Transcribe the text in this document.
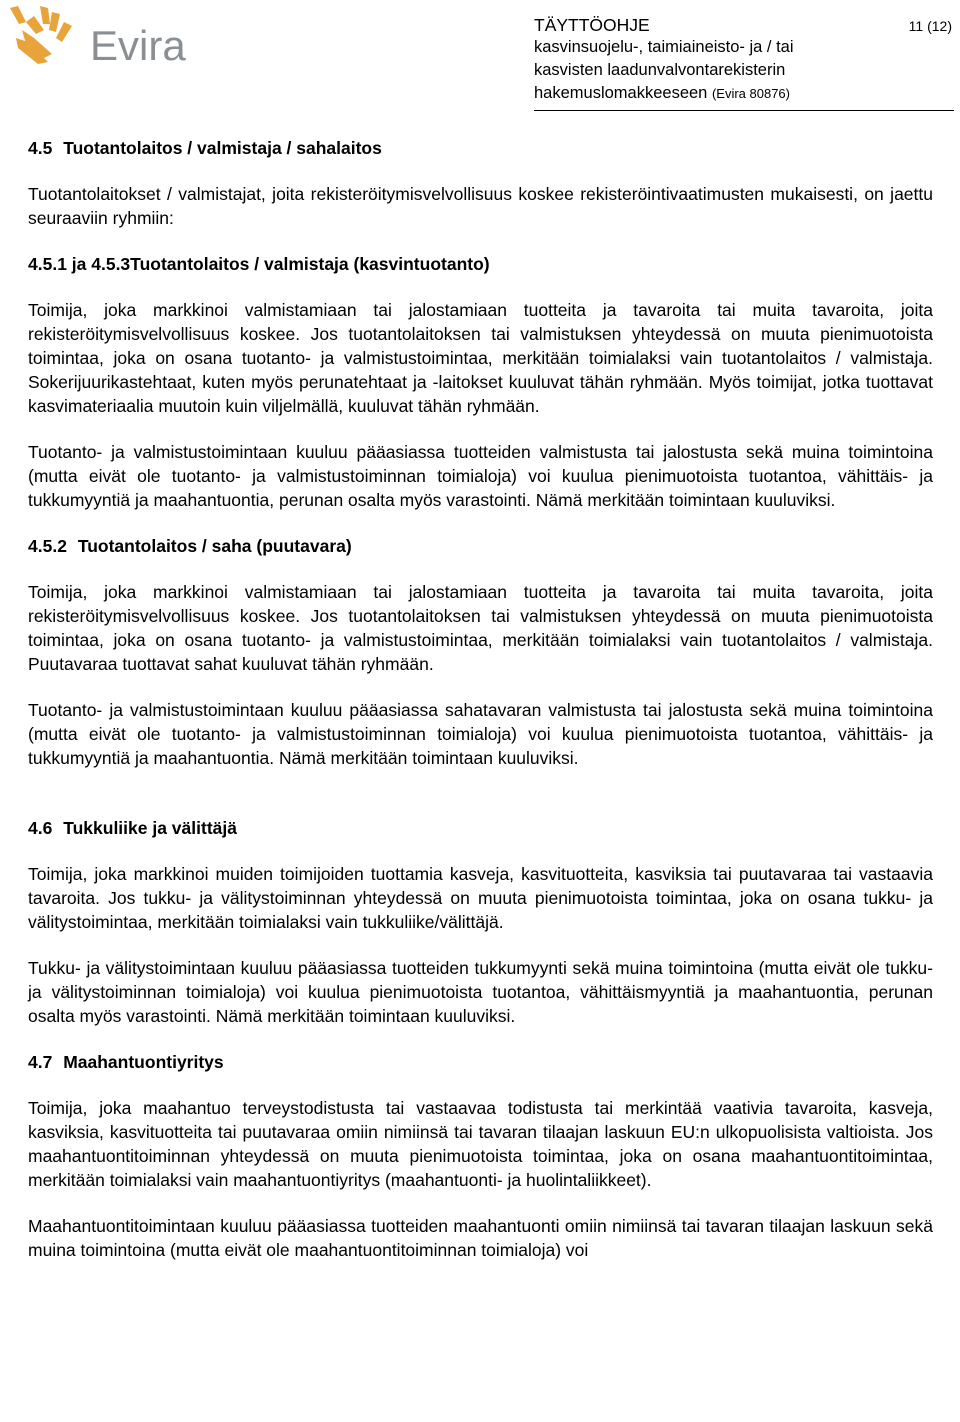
Evira	TÄYTTÖOHJE
kasvinsuojelu-, taimiaineisto- ja / tai
kasvisten laadunvalvontarekisterin
hakemuslomakkeeseen (Evira 80876)
11 (12)

4.5 Tuotantolaitos / valmistaja / sahalaitos

Tuotantolaitokset / valmistajat, joita rekisteröitymisvelvollisuus koskee rekisteröintivaatimusten mukaisesti, on jaettu seuraaviin ryhmiin:

4.5.1 ja 4.5.3Tuotantolaitos / valmistaja (kasvintuotanto)

Toimija, joka markkinoi valmistamiaan tai jalostamiaan tuotteita ja tavaroita tai muita tavaroita, joita rekisteröitymisvelvollisuus koskee. Jos tuotantolaitoksen tai valmistuksen yhteydessä on muuta pienimuotoista toimintaa, joka on osana tuotanto- ja valmistustoimintaa, merkitään toimialaksi vain tuotantolaitos / valmistaja. Sokerijuurikastehtaat, kuten myös perunatehtaat ja -laitokset kuuluvat tähän ryhmään. Myös toimijat, jotka tuottavat kasvimateriaalia muutoin kuin viljelmällä, kuuluvat tähän ryhmään.

Tuotanto- ja valmistustoimintaan kuuluu pääasiassa tuotteiden valmistusta tai jalostusta sekä muina toimintoina (mutta eivät ole tuotanto- ja valmistustoiminnan toimialoja) voi kuulua pienimuotoista tuotantoa, vähittäis- ja tukkumyyntiä ja maahantuontia, perunan osalta myös varastointi. Nämä merkitään toimintaan kuuluviksi.

4.5.2 Tuotantolaitos / saha (puutavara)

Toimija, joka markkinoi valmistamiaan tai jalostamiaan tuotteita ja tavaroita tai muita tavaroita, joita rekisteröitymisvelvollisuus koskee. Jos tuotantolaitoksen tai valmistuksen yhteydessä on muuta pienimuotoista toimintaa, joka on osana tuotanto- ja valmistustoimintaa, merkitään toimialaksi vain tuotantolaitos / valmistaja. Puutavaraa tuottavat sahat kuuluvat tähän ryhmään.

Tuotanto- ja valmistustoimintaan kuuluu pääasiassa sahatavaran valmistusta tai jalostusta sekä muina toimintoina (mutta eivät ole tuotanto- ja valmistustoiminnan toimialoja) voi kuulua pienimuotoista tuotantoa, vähittäis- ja tukkumyyntiä ja maahantuontia. Nämä merkitään toimintaan kuuluviksi.

4.6 Tukkuliike ja välittäjä

Toimija, joka markkinoi muiden toimijoiden tuottamia kasveja, kasvituotteita, kasviksia tai puutavaraa tai vastaavia tavaroita. Jos tukku- ja välitystoiminnan yhteydessä on muuta pienimuotoista toimintaa, joka on osana tukku- ja välitystoimintaa, merkitään toimialaksi vain tukkuliike/välittäjä.

Tukku- ja välitystoimintaan kuuluu pääasiassa tuotteiden tukkumyynti sekä muina toimintoina (mutta eivät ole tukku- ja välitystoiminnan toimialoja) voi kuulua pienimuotoista tuotantoa, vähittäismyyntiä ja maahantuontia, perunan osalta myös varastointi. Nämä merkitään toimintaan kuuluviksi.

4.7 Maahantuontiyritys

Toimija, joka maahantuo terveystodistusta tai vastaavaa todistusta tai merkintää vaativia tavaroita, kasveja, kasviksia, kasvituotteita tai puutavaraa omiin nimiinsä tai tavaran tilaajan laskuun EU:n ulkopuolisista valtioista. Jos maahantuontitoiminnan yhteydessä on muuta pienimuotoista toimintaa, joka on osana maahantuontitoimintaa, merkitään toimialaksi vain maahantuontiyritys (maahantuonti- ja huolintaliikkeet).

Maahantuontitoimintaan kuuluu pääasiassa tuotteiden maahantuonti omiin nimiinsä tai tavaran tilaajan laskuun sekä muina toimintoina (mutta eivät ole maahantuontitoiminnan toimialoja) voi
